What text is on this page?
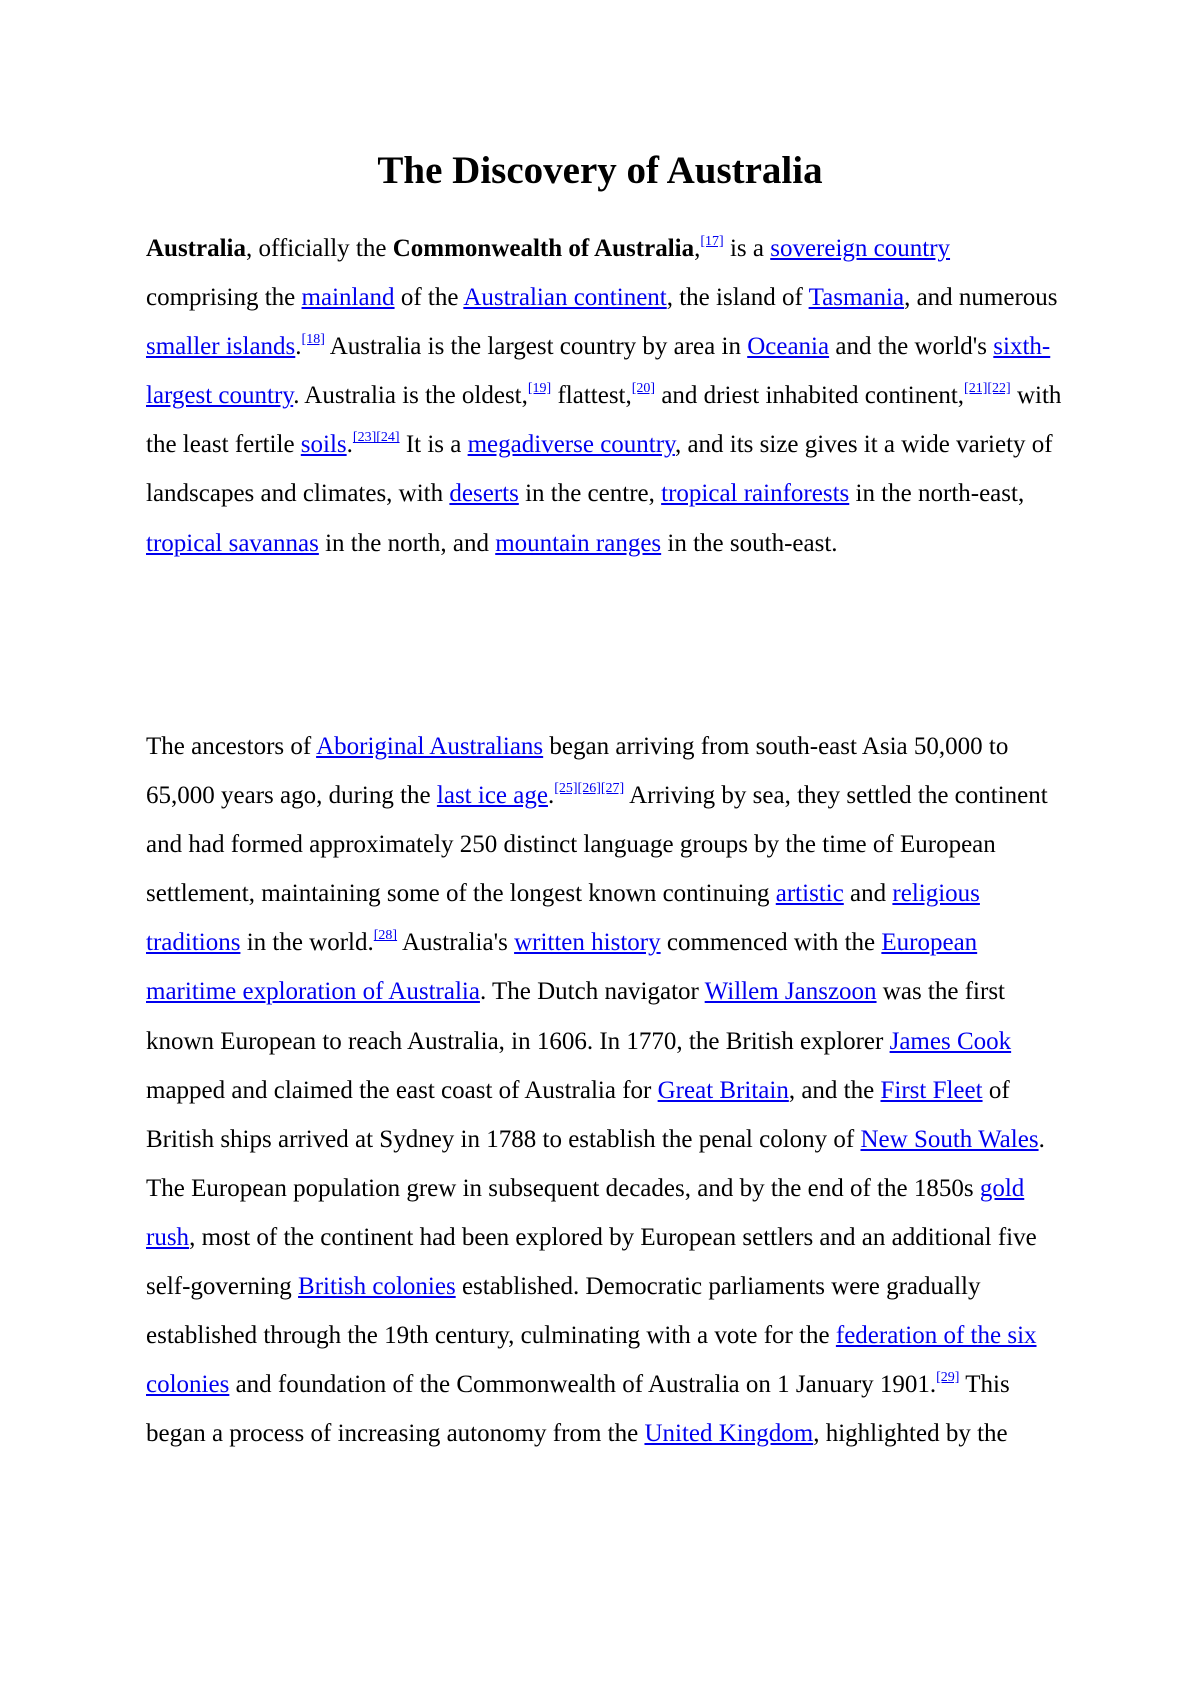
The Discovery of Australia

Australia, officially the Commonwealth of Australia,[17] is a sovereign country comprising the mainland of the Australian continent, the island of Tasmania, and numerous smaller islands.[18] Australia is the largest country by area in Oceania and the world's sixth-largest country. Australia is the oldest,[19] flattest,[20] and driest inhabited continent,[21][22] with the least fertile soils.[23][24] It is a megadiverse country, and its size gives it a wide variety of landscapes and climates, with deserts in the centre, tropical rainforests in the north-east, tropical savannas in the north, and mountain ranges in the south-east.

The ancestors of Aboriginal Australians began arriving from south-east Asia 50,000 to 65,000 years ago, during the last ice age.[25][26][27] Arriving by sea, they settled the continent and had formed approximately 250 distinct language groups by the time of European settlement, maintaining some of the longest known continuing artistic and religious traditions in the world.[28] Australia's written history commenced with the European maritime exploration of Australia. The Dutch navigator Willem Janszoon was the first known European to reach Australia, in 1606. In 1770, the British explorer James Cook mapped and claimed the east coast of Australia for Great Britain, and the First Fleet of British ships arrived at Sydney in 1788 to establish the penal colony of New South Wales. The European population grew in subsequent decades, and by the end of the 1850s gold rush, most of the continent had been explored by European settlers and an additional five self-governing British colonies established. Democratic parliaments were gradually established through the 19th century, culminating with a vote for the federation of the six colonies and foundation of the Commonwealth of Australia on 1 January 1901.[29] This began a process of increasing autonomy from the United Kingdom, highlighted by the
